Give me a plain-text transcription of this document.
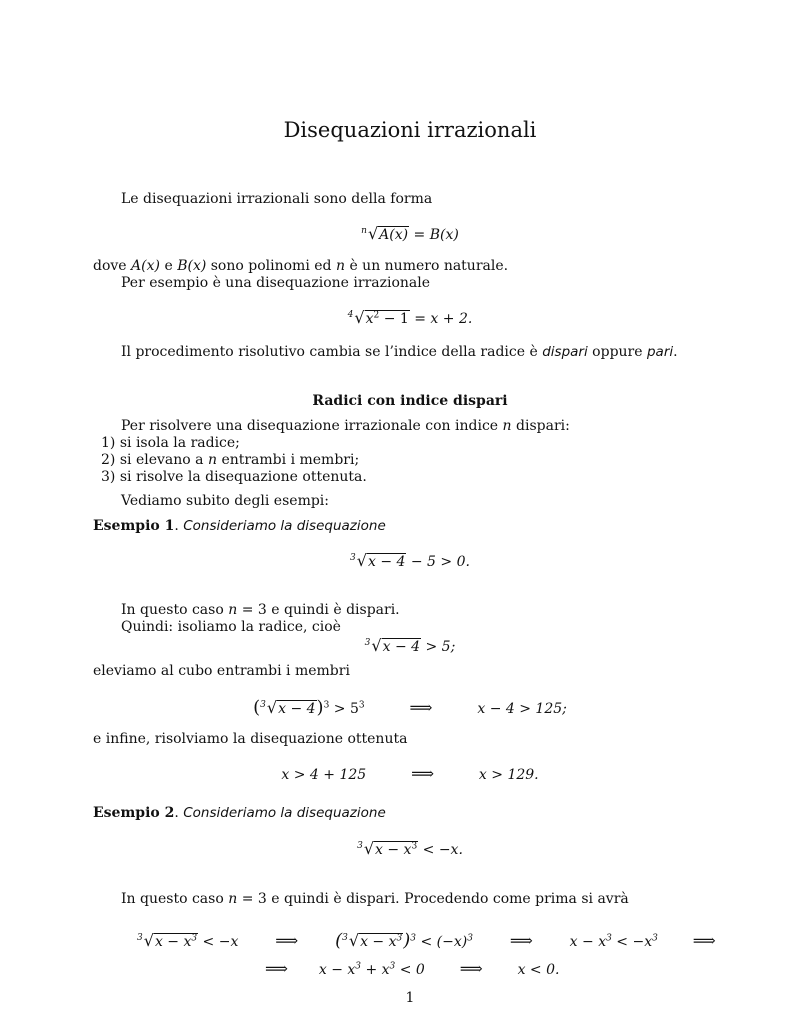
Disequazioni irrazionali
Le disequazioni irrazionali sono della forma
$^n$√A(x) = B(x)
dove A(x) e B(x) sono polinomi ed n è un numero naturale.
Per esempio è una disequazione irrazionale
$^4√x^2 - 1 = x + 2$.
Il procedimento risolutivo cambia se l’indice della radice è dispari oppure pari.
Radici con indice dispari
Per risolvere una disequazione irrazionale con indice n dispari:
1) si isola la radice;
2) si elevano a n entrambi i membri;
3) si risolve la disequazione ottenuta.
Vediamo subito degli esempi:
Esempio 1. Consideriamo la disequazione
$^3$√x − 4 − 5 > 0.
In questo caso n = 3 e quindi è dispari.
Quindi: isoliamo la radice, cioè
$^3$√x − 4 > 5;
eleviamo al cubo entrambi i membri
$(^3√x - 4)^3 > 5^3$	⟹	x − 4 > 125;
e infine, risolviamo la disequazione ottenuta
x > 4 + 125	⟹	x > 129.
Esempio 2. Consideriamo la disequazione
$^3√x - x^3 < -x$.
In questo caso n = 3 e quindi è dispari. Procedendo come prima si avrà
$^3√x - x^3 < -x$ ⟹ $(^3√x - x^3)^3 < (-x)^3$ ⟹	$x - x^3 < -x^3$ ⟹
⟹ $x - x^3 + x^3 < 0$ ⟹ x < 0.
1
